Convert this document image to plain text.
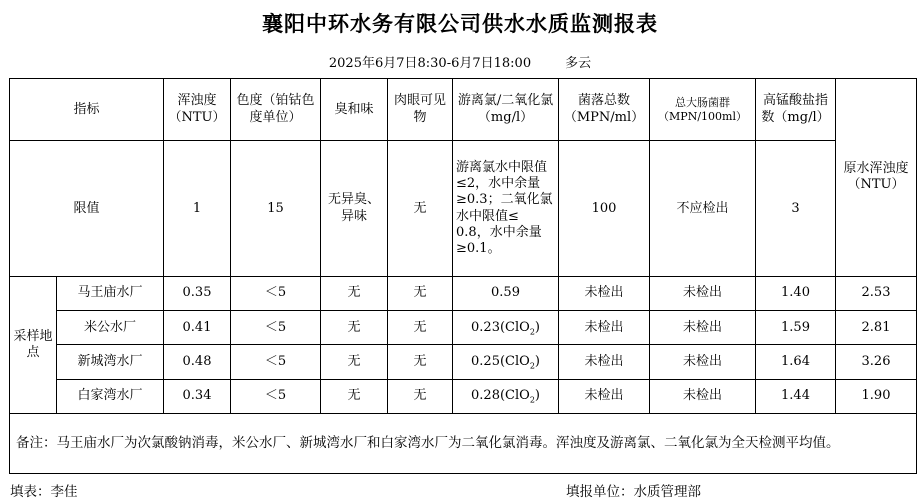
襄阳中环水务有限公司供水水质监测报表
2025年6月7日8:30-6月7日18:00	多云
指标		浑浊度（NTU）	色度（铂钴色度单位）	臭和味	肉眼可见物	游离氯/二氧化氯（mg/l）	菌落总数（MPN/ml）	总大肠菌群（MPN/100ml）	高锰酸盐指数（mg/l）	原水浑浊度（NTU）
限值		1	15	无异臭、异味	无	游离氯水中限值 ≤2，水中余量≥0.3；二氧化氯水中限值≤ 0.8，水中余量≥0.1。	100	不应检出	3	
采样地点	马王庙水厂	0.35	＜5	无	无	0.59	未检出	未检出	1.40	2.53
	米公水厂	0.41	＜5	无	无	0.23(ClO$_2$)	未检出	未检出	1.59	2.81
	新城湾水厂	0.48	＜5	无	无	0.25(ClO$_2$)	未检出	未检出	1.64	3.26
	白家湾水厂	0.34	＜5	无	无	0.28(ClO$_2$)	未检出	未检出	1.44	1.90
备注：马王庙水厂为次氯酸钠消毒，米公水厂、新城湾水厂和白家湾水厂为二氧化氯消毒。浑浊度及游离氯、二氧化氯为全天检测平均值。										
填表：李佳	填报单位：水质管理部
